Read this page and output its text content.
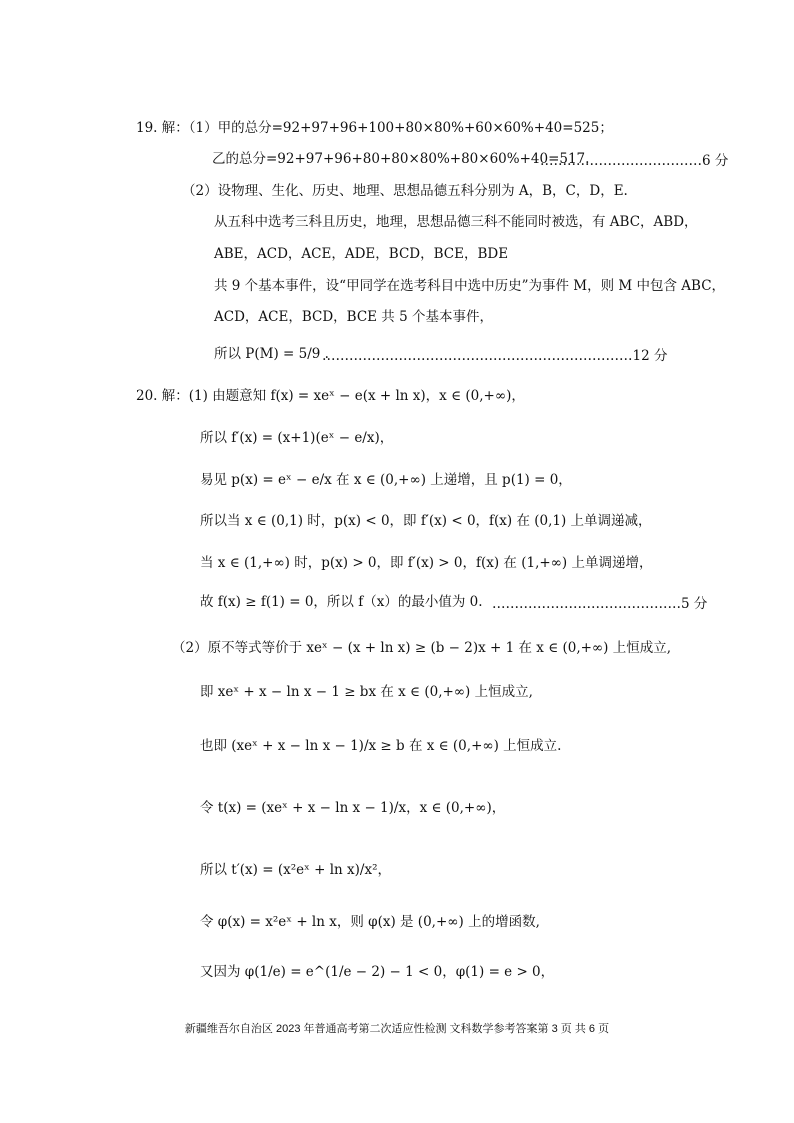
19. 解：（1）甲的总分=92+97+96+100+80×80%+60×60%+40=525；
乙的总分=92+97+96+80+80×80%+80×60%+40=517.
………………………………6 分
（2）设物理、生化、历史、地理、思想品德五科分别为 A，B，C，D，E.
从五科中选考三科且历史，地理，思想品德三科不能同时被选，有 ABC，ABD，
ABE，ACD，ACE，ADE，BCD，BCE，BDE
共 9 个基本事件，设“甲同学在选考科目中选中历史”为事件 M，则 M 中包含 ABC，
ACD，ACE，BCD，BCE 共 5 个基本事件，
所以 P(M) = 5/9 .
……………………………………………………………12 分
20. 解：(1) 由题意知 f(x) = xeˣ − e(x + ln x)，x ∈ (0,+∞)，
所以 f′(x) = (x+1)(eˣ − e/x)，
易见 p(x) = eˣ − e/x 在 x ∈ (0,+∞) 上递增，且 p(1) = 0，
所以当 x ∈ (0,1) 时，p(x) < 0，即 f′(x) < 0，f(x) 在 (0,1) 上单调递减，
当 x ∈ (1,+∞) 时，p(x) > 0，即 f′(x) > 0，f(x) 在 (1,+∞) 上单调递增，
故 f(x) ≥ f(1) = 0，所以 f（x）的最小值为 0. ……………………………………5 分
（2）原不等式等价于 xeˣ − (x + ln x) ≥ (b − 2)x + 1 在 x ∈ (0,+∞) 上恒成立,
即 xeˣ + x − ln x − 1 ≥ bx 在 x ∈ (0,+∞) 上恒成立,
也即 (xeˣ + x − ln x − 1)/x ≥ b 在 x ∈ (0,+∞) 上恒成立.
令 t(x) = (xeˣ + x − ln x − 1)/x，x ∈ (0,+∞)，
所以 t′(x) = (x²eˣ + ln x)/x²，
令 φ(x) = x²eˣ + ln x，则 φ(x) 是 (0,+∞) 上的增函数,
又因为 φ(1/e) = e^(1/e − 2) − 1 < 0，φ(1) = e > 0，
新疆维吾尔自治区 2023 年普通高考第二次适应性检测 文科数学参考答案第 3 页 共 6 页
